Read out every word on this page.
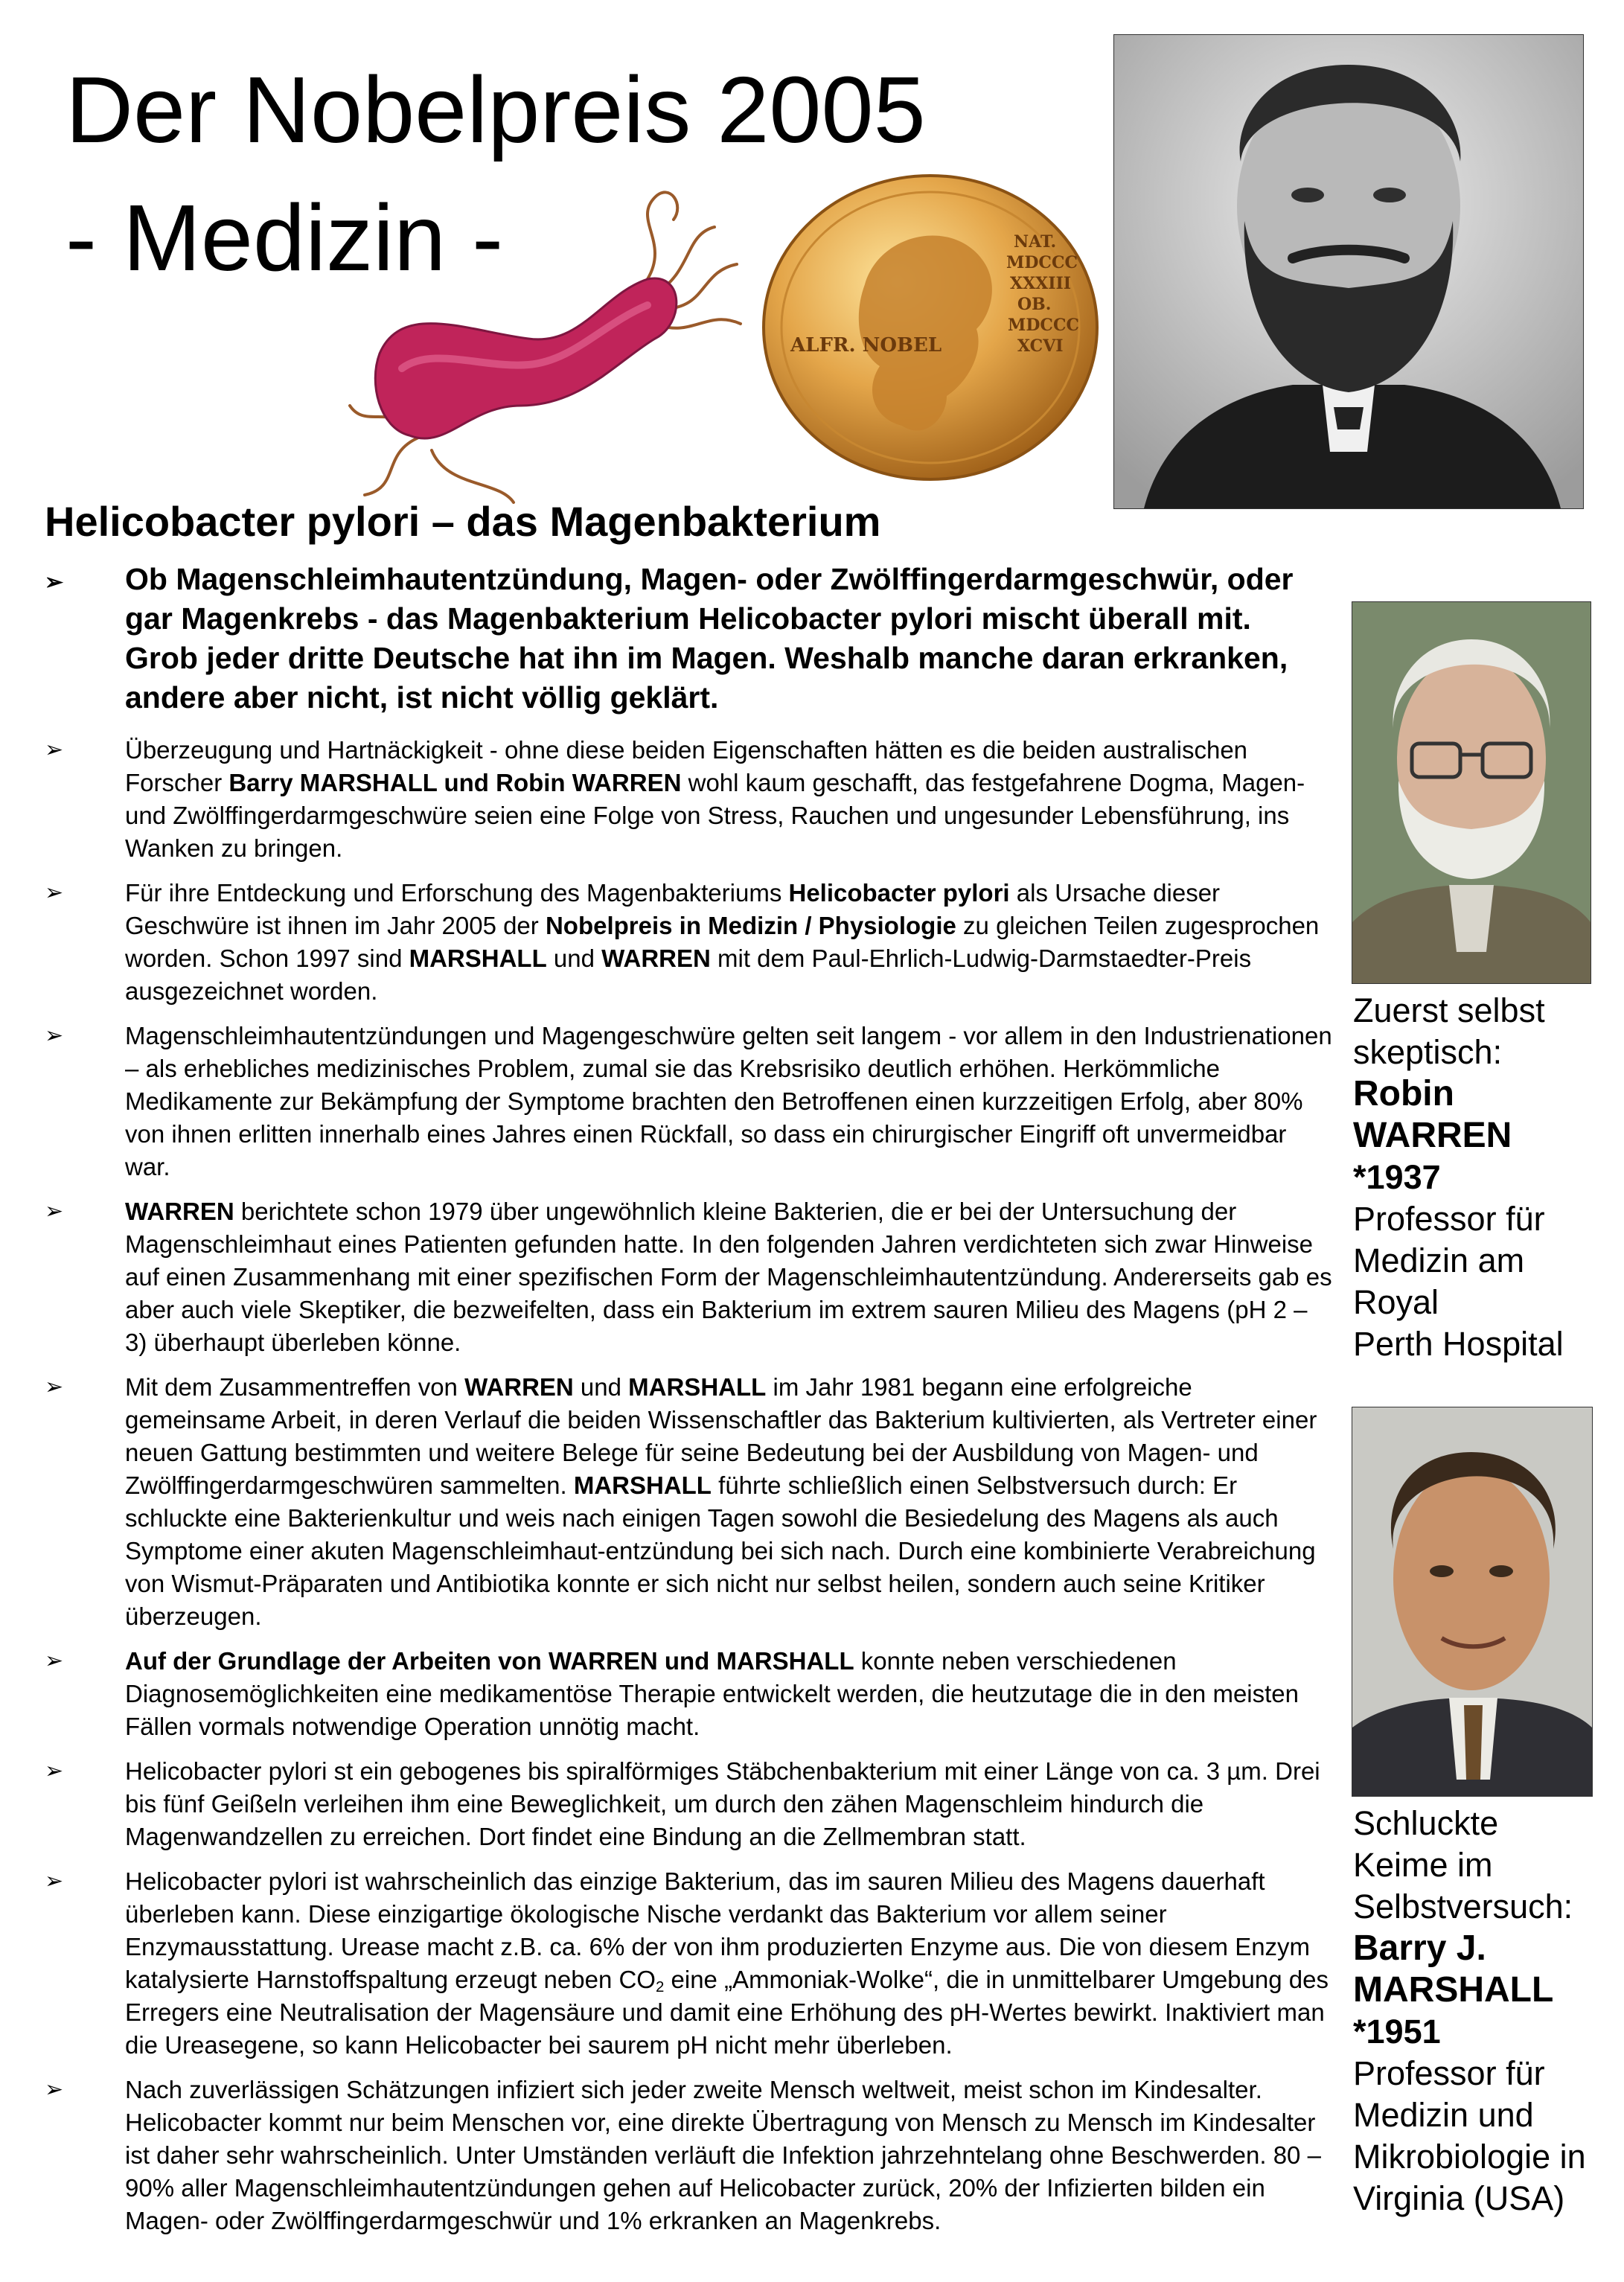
Der Nobelpreis 2005
- Medizin -	NAT.
MDCCC
XXXIII
OB.
MDCCC
XCVI
ALFR. NOBEL
Helicobacter pylori – das Magenbakterium
➢	Ob Magenschleimhautentzündung, Magen- oder Zwölffingerdarmgeschwür, oder gar Magenkrebs - das Magenbakterium Helicobacter pylori mischt überall mit. Grob jeder dritte Deutsche hat ihn im Magen. Weshalb manche daran erkranken, andere aber nicht, ist nicht völlig geklärt.
➢	Überzeugung und Hartnäckigkeit - ohne diese beiden Eigenschaften hätten es die beiden australischen Forscher Barry MARSHALL und Robin WARREN wohl kaum geschafft, das festgefahrene Dogma, Magen- und Zwölffingerdarmgeschwüre seien eine Folge von Stress, Rauchen und ungesunder Lebensführung, ins Wanken zu bringen.
➢	Für ihre Entdeckung und Erforschung des Magenbakteriums Helicobacter pylori als Ursache dieser Geschwüre ist ihnen im Jahr 2005 der Nobelpreis in Medizin / Physiologie zu gleichen Teilen zugesprochen worden. Schon 1997 sind MARSHALL und WARREN mit dem Paul-Ehrlich-Ludwig-Darmstaedter-Preis ausgezeichnet worden.
➢	Magenschleimhautentzündungen und Magengeschwüre gelten seit langem - vor allem in den Industrienationen – als erhebliches medizinisches Problem, zumal sie das Krebsrisiko deutlich erhöhen. Herkömmliche Medikamente zur Bekämpfung der Symptome brachten den Betroffenen einen kurzzeitigen Erfolg, aber 80% von ihnen erlitten innerhalb eines Jahres einen Rückfall, so dass ein chirurgischer Eingriff oft unvermeidbar war.
➢	WARREN berichtete schon 1979 über ungewöhnlich kleine Bakterien, die er bei der Untersuchung der Magenschleimhaut eines Patienten gefunden hatte. In den folgenden Jahren verdichteten sich zwar Hinweise auf einen Zusammenhang mit einer spezifischen Form der Magenschleimhautentzündung. Andererseits gab es aber auch viele Skeptiker, die bezweifelten, dass ein Bakterium im extrem sauren Milieu des Magens (pH 2 – 3) überhaupt überleben könne.
➢	Mit dem Zusammentreffen von WARREN und MARSHALL im Jahr 1981 begann eine erfolgreiche gemeinsame Arbeit, in deren Verlauf die beiden Wissenschaftler das Bakterium kultivierten, als Vertreter einer neuen Gattung bestimmten und weitere Belege für seine Bedeutung bei der Ausbildung von Magen- und Zwölffingerdarmgeschwüren sammelten. MARSHALL führte schließlich einen Selbstversuch durch: Er schluckte eine Bakterienkultur und weis nach einigen Tagen sowohl die Besiedelung des Magens als auch Symptome einer akuten Magenschleimhaut-entzündung bei sich nach. Durch eine kombinierte Verabreichung von Wismut-Präparaten und Antibiotika konnte er sich nicht nur selbst heilen, sondern auch seine Kritiker überzeugen.
➢	Auf der Grundlage der Arbeiten von WARREN und MARSHALL konnte neben verschiedenen Diagnosemöglichkeiten eine medikamentöse Therapie entwickelt werden, die heutzutage die in den meisten Fällen vormals notwendige Operation unnötig macht.
➢	Helicobacter pylori st ein gebogenes bis spiralförmiges Stäbchenbakterium mit einer Länge von ca. 3 µm. Drei bis fünf Geißeln verleihen ihm eine Beweglichkeit, um durch den zähen Magenschleim hindurch die Magenwandzellen zu erreichen. Dort findet eine Bindung an die Zellmembran statt.
➢	Helicobacter pylori ist wahrscheinlich das einzige Bakterium, das im sauren Milieu des Magens dauerhaft überleben kann. Diese einzigartige ökologische Nische verdankt das Bakterium vor allem seiner Enzymausstattung. Urease macht z.B. ca. 6% der von ihm produzierten Enzyme aus. Die von diesem Enzym katalysierte Harnstoffspaltung erzeugt neben $CO_2$ eine „Ammoniak-Wolke“, die in unmittelbarer Umgebung des Erregers eine Neutralisation der Magensäure und damit eine Erhöhung des pH-Wertes bewirkt. Inaktiviert man die Ureasegene, so kann Helicobacter bei saurem pH nicht mehr überleben.
➢	Nach zuverlässigen Schätzungen infiziert sich jeder zweite Mensch weltweit, meist schon im Kindesalter. Helicobacter kommt nur beim Menschen vor, eine direkte Übertragung von Mensch zu Mensch im Kindesalter ist daher sehr wahrscheinlich. Unter Umständen verläuft die Infektion jahrzehntelang ohne Beschwerden. 80 – 90% aller Magenschleimhautentzündungen gehen auf Helicobacter zurück, 20% der Infizierten bilden ein Magen- oder Zwölffingerdarmgeschwür und 1% erkranken an Magenkrebs.
Zuerst selbst
skeptisch:
Robin
WARREN
*1937
Professor für
Medizin am Royal
Perth Hospital
Schluckte
Keime im
Selbstversuch:
Barry J.
MARSHALL
*1951
Professor für
Medizin und
Mikrobiologie in
Virginia (USA)
